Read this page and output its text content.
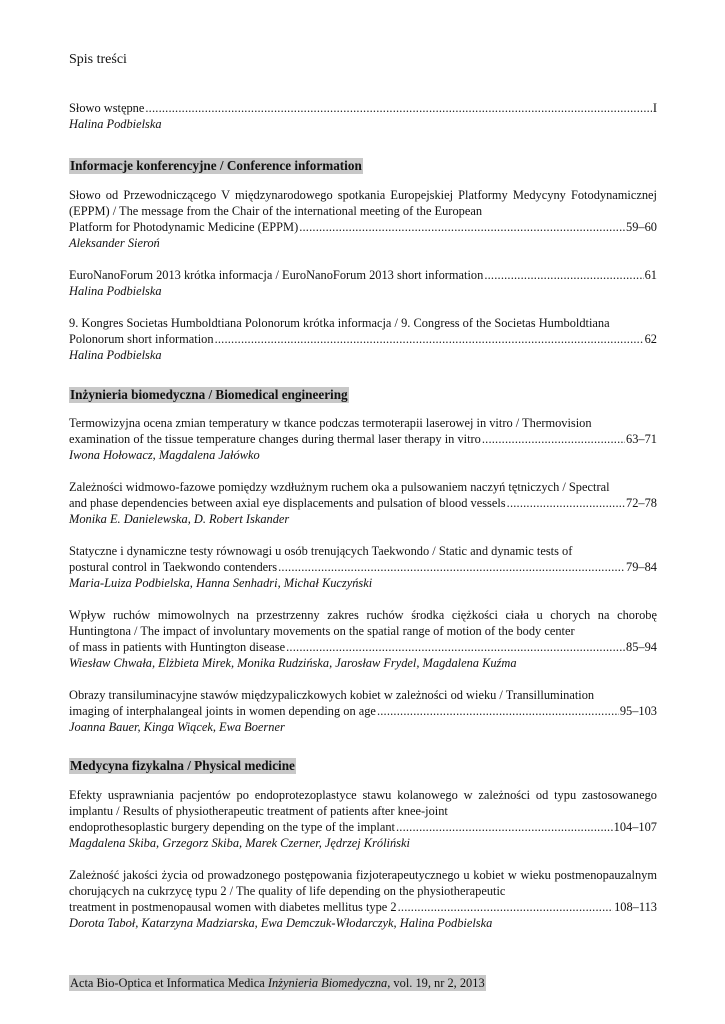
Spis treści
Słowo wstępne .....	I
Halina Podbielska
Informacje konferencyjne / Conference information
Słowo od Przewodniczącego V międzynarodowego spotkania Europejskiej Platformy Medycyny Fotodynamicznej (EPPM) / The message from the Chair of the international meeting of the European
Platform for Photodynamic Medicine (EPPM) .....	59–60
Aleksander Sieroń
EuroNanoForum 2013 krótka informacja / EuroNanoForum 2013 short information .....	61
Halina Podbielska
9. Kongres Societas Humboldtiana Polonorum krótka informacja / 9. Congress of the Societas Humboldtiana
Polonorum short information .....	62
Halina Podbielska
Inżynieria biomedyczna / Biomedical engineering
Termowizyjna ocena zmian temperatury w tkance podczas termoterapii laserowej in vitro / Thermovision
examination of the tissue temperature changes during thermal laser therapy in vitro .....	63–71
Iwona Hołowacz, Magdalena Jałówko
Zależności widmowo-fazowe pomiędzy wzdłużnym ruchem oka a pulsowaniem naczyń tętniczych / Spectral
and phase dependencies between axial eye displacements and pulsation of blood vessels .....	72–78
Monika E. Danielewska, D. Robert Iskander
Statyczne i dynamiczne testy równowagi u osób trenujących Taekwondo / Static and dynamic tests of
postural control in Taekwondo contenders .....	79–84
Maria-Luiza Podbielska, Hanna Senhadri, Michał Kuczyński
Wpływ ruchów mimowolnych na przestrzenny zakres ruchów środka ciężkości ciała u chorych na chorobę Huntingtona / The impact of involuntary movements on the spatial range of motion of the body center
of mass in patients with Huntington disease .....	85–94
Wiesław Chwała, Elżbieta Mirek, Monika Rudzińska, Jarosław Frydel, Magdalena Kuźma
Obrazy transiluminacyjne stawów międzypaliczkowych kobiet w zależności od wieku / Transillumination
imaging of interphalangeal joints in women depending on age .....	95–103
Joanna Bauer, Kinga Wiącek, Ewa Boerner
Medycyna fizykalna / Physical medicine
Efekty usprawniania pacjentów po endoprotezoplastyce stawu kolanowego w zależności od typu zastosowanego implantu / Results of physiotherapeutic treatment of patients after knee-joint
endoprothesoplastic burgery depending on the type of the implant .....	104–107
Magdalena Skiba, Grzegorz Skiba, Marek Czerner, Jędrzej Króliński
Zależność jakości życia od prowadzonego postępowania fizjoterapeutycznego u kobiet w wieku postmenopauzalnym chorujących na cukrzycę typu 2 / The quality of life depending on the physiotherapeutic
treatment in postmenopausal women with diabetes mellitus type 2 .....	108–113
Dorota Taboł, Katarzyna Madziarska, Ewa Demczuk-Włodarczyk, Halina Podbielska
Acta Bio-Optica et Informatica Medica Inżynieria Biomedyczna, vol. 19, nr 2, 2013
